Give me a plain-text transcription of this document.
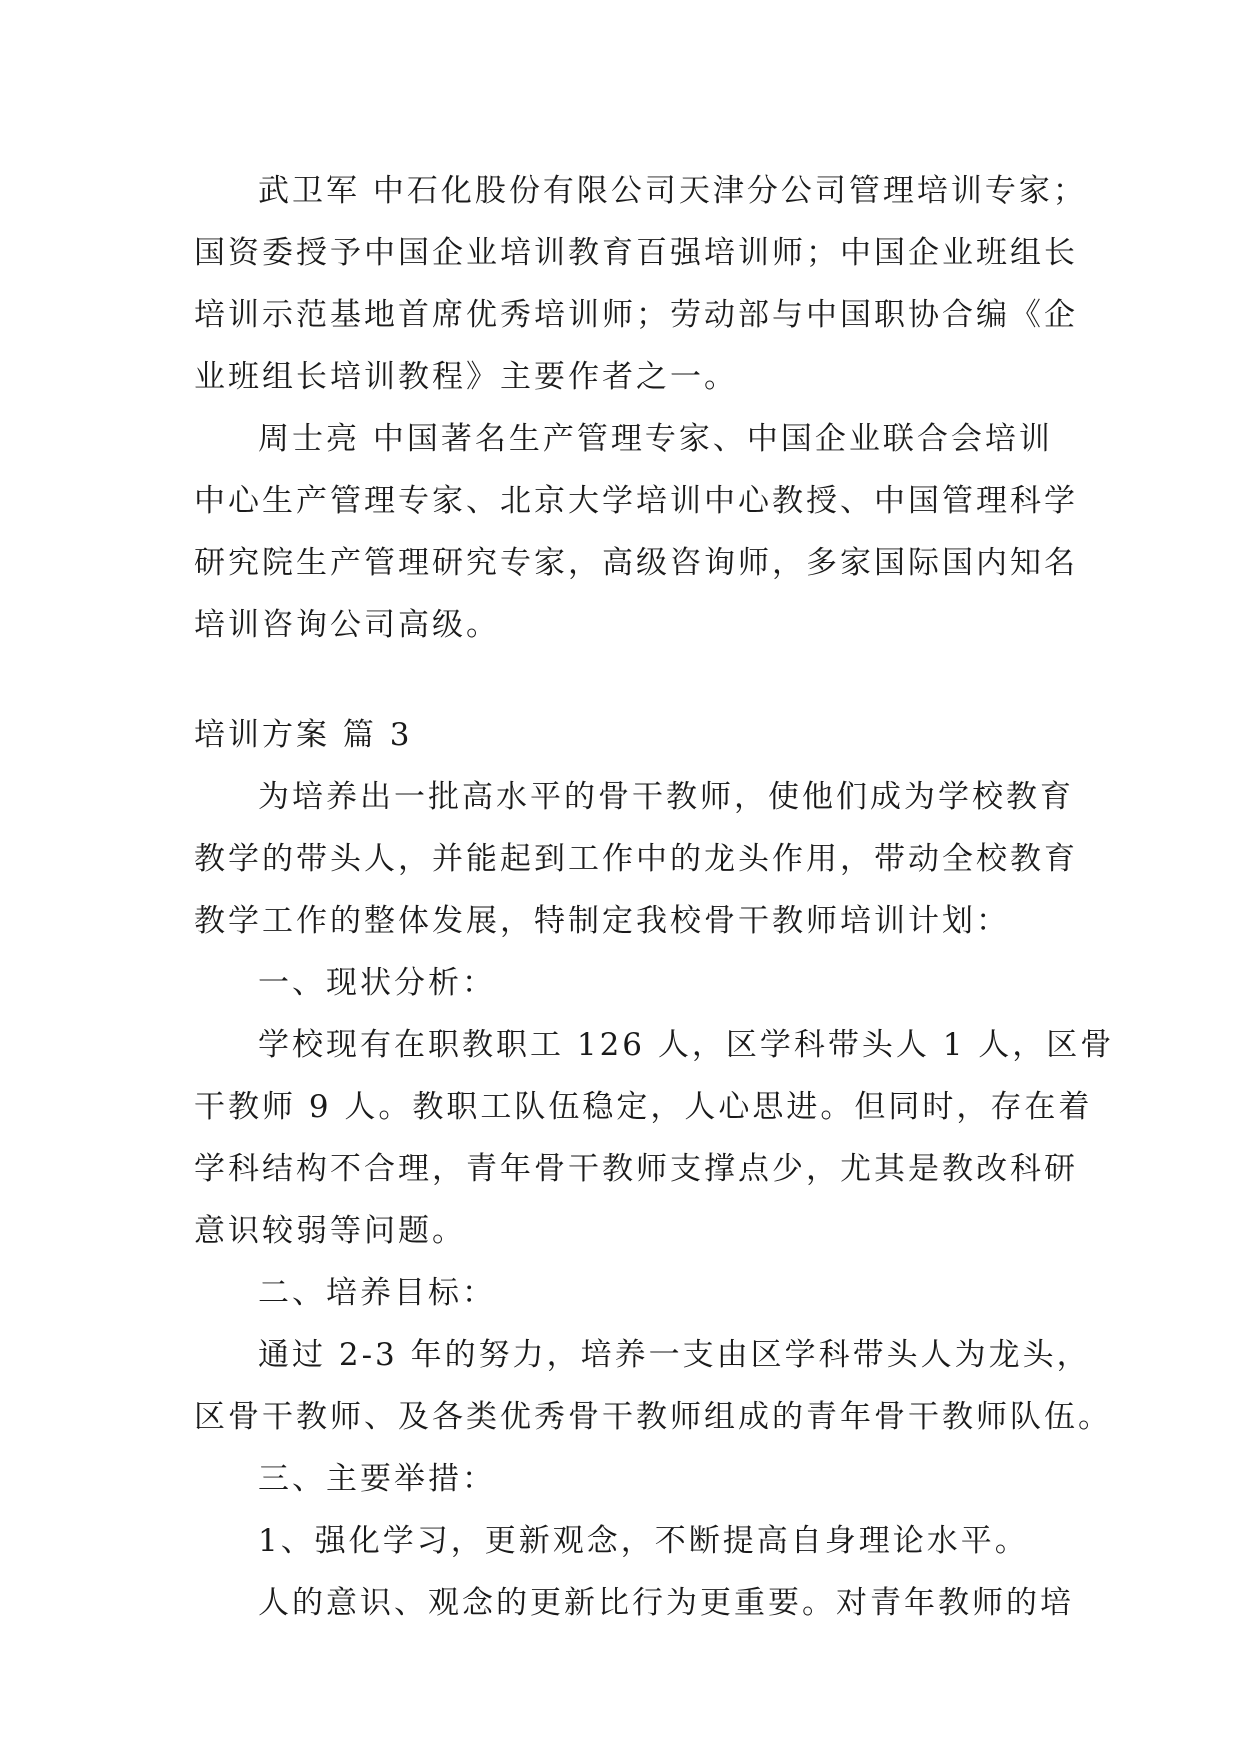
武卫军 中石化股份有限公司天津分公司管理培训专家；
国资委授予中国企业培训教育百强培训师；中国企业班组长
培训示范基地首席优秀培训师；劳动部与中国职协合编《企
业班组长培训教程》主要作者之一。
周士亮 中国著名生产管理专家、中国企业联合会培训
中心生产管理专家、北京大学培训中心教授、中国管理科学
研究院生产管理研究专家，高级咨询师，多家国际国内知名
培训咨询公司高级。
培训方案 篇 3
为培养出一批高水平的骨干教师，使他们成为学校教育
教学的带头人，并能起到工作中的龙头作用，带动全校教育
教学工作的整体发展，特制定我校骨干教师培训计划：
一、现状分析：
学校现有在职教职工 126 人，区学科带头人 1 人，区骨
干教师 9 人。教职工队伍稳定，人心思进。但同时，存在着
学科结构不合理，青年骨干教师支撑点少，尤其是教改科研
意识较弱等问题。
二、培养目标：
通过 2-3 年的努力，培养一支由区学科带头人为龙头，
区骨干教师、及各类优秀骨干教师组成的青年骨干教师队伍。
三、主要举措：
1、强化学习，更新观念，不断提高自身理论水平。
人的意识、观念的更新比行为更重要。对青年教师的培
